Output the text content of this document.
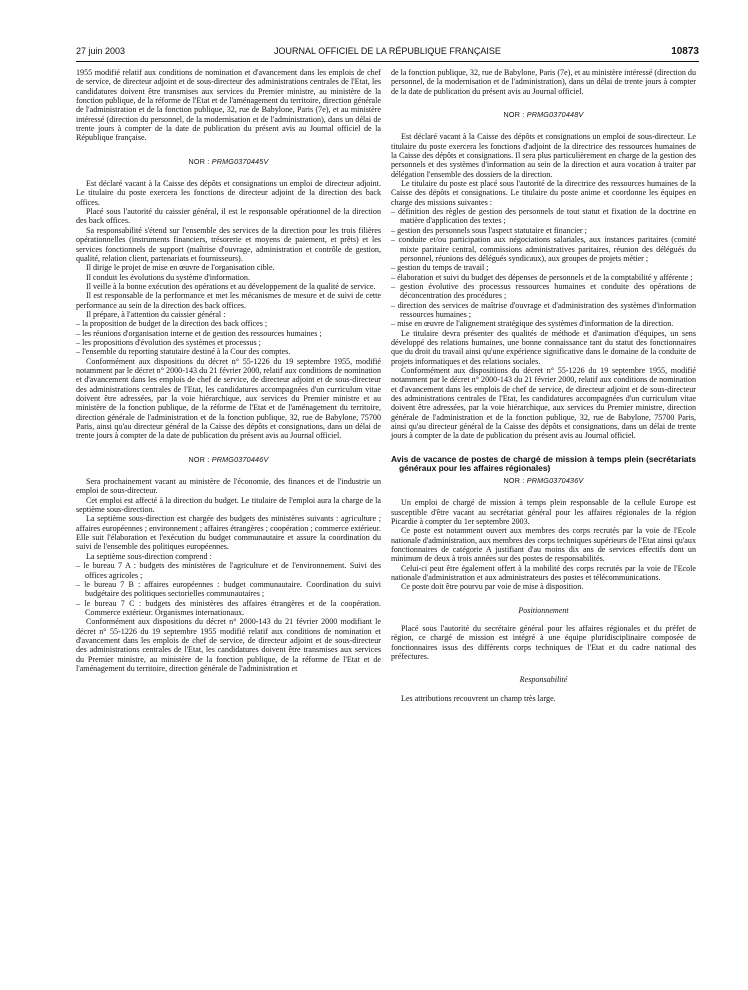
27 juin 2003	JOURNAL OFFICIEL DE LA RÉPUBLIQUE FRANÇAISE	10873

1955 modifié relatif aux conditions de nomination et d'avancement dans les emplois de chef de service, de directeur adjoint et de sous-directeur des administrations centrales de l'Etat, les candidatures doivent être transmises aux services du Premier ministre, au ministère de la fonction publique, de la réforme de l'Etat et de l'aménagement du territoire, direction générale de l'administration et de la fonction publique, 32, rue de Babylone, Paris (7e), et au ministère intéressé (direction du personnel, de la modernisation et de l'administration), dans un délai de trente jours à compter de la date de publication du présent avis au Journal officiel de la République française.

NOR : PRMG0370445V

Est déclaré vacant à la Caisse des dépôts et consignations un emploi de directeur adjoint. Le titulaire du poste exercera les fonctions de directeur adjoint de la direction des back offices.

Placé sous l'autorité du caissier général, il est le responsable opérationnel de la direction des back offices.

Sa responsabilité s'étend sur l'ensemble des services de la direction pour les trois filières opérationnelles (instruments financiers, trésorerie et moyens de paiement, et prêts) et les services fonctionnels de support (maîtrise d'ouvrage, administration et contrôle de gestion, qualité, relation client, partenariats et fournisseurs).

Il dirige le projet de mise en œuvre de l'organisation cible.

Il conduit les évolutions du système d'information.

Il veille à la bonne exécution des opérations et au développement de la qualité de service.

Il est responsable de la performance et met les mécanismes de mesure et de suivi de cette performance au sein de la direction des back offices.

Il prépare, à l'attention du caissier général :

– la proposition de budget de la direction des back offices ;
– les réunions d'organisation interne et de gestion des ressources humaines ;
– les propositions d'évolution des systèmes et processus ;
– l'ensemble du reporting statutaire destiné à la Cour des comptes.

Conformément aux dispositions du décret n° 55-1226 du 19 septembre 1955, modifié notamment par le décret n° 2000-143 du 21 février 2000, relatif aux conditions de nomination et d'avancement dans les emplois de chef de service, de directeur adjoint et de sous-directeur des administrations centrales de l'Etat, les candidatures accompagnées d'un curriculum vitae doivent être adressées, par la voie hiérarchique, aux services du Premier ministre et au ministère de la fonction publique, de la réforme de l'Etat et de l'aménagement du territoire, direction générale de l'administration et de la fonction publique, 32, rue de Babylone, 75700 Paris, ainsi qu'au directeur général de la Caisse des dépôts et consignations, dans un délai de trente jours à compter de la date de publication du présent avis au Journal officiel.

NOR : PRMG0370446V

Sera prochainement vacant au ministère de l'économie, des finances et de l'industrie un emploi de sous-directeur.

Cet emploi est affecté à la direction du budget. Le titulaire de l'emploi aura la charge de la septième sous-direction.

La septième sous-direction est chargée des budgets des ministères suivants : agriculture ; affaires européennes ; environnement ; affaires étrangères ; coopération ; commerce extérieur. Elle suit l'élaboration et l'exécution du budget communautaire et assure la coordination du suivi de l'ensemble des politiques européennes.

La septième sous-direction comprend :

– le bureau 7 A : budgets des ministères de l'agriculture et de l'environnement. Suivi des offices agricoles ;
– le bureau 7 B : affaires européennes : budget communautaire. Coordination du suivi budgétaire des politiques sectorielles communautaires ;
– le bureau 7 C : budgets des ministères des affaires étrangères et de la coopération. Commerce extérieur. Organismes internationaux.

Conformément aux dispositions du décret n° 2000-143 du 21 février 2000 modifiant le décret n° 55-1226 du 19 septembre 1955 modifié relatif aux conditions de nomination et d'avancement dans les emplois de chef de service, de directeur adjoint et de sous-directeur des administrations centrales de l'Etat, les candidatures doivent être transmises aux services du Premier ministre, au ministère de la fonction publique, de la réforme de l'Etat et de l'aménagement du territoire, direction générale de l'administration et

de la fonction publique, 32, rue de Babylone, Paris (7e), et au ministère intéressé (direction du personnel, de la modernisation et de l'administration), dans un délai de trente jours à compter de la date de publication du présent avis au Journal officiel.

NOR : PRMG0370448V

Est déclaré vacant à la Caisse des dépôts et consignations un emploi de sous-directeur. Le titulaire du poste exercera les fonctions d'adjoint de la directrice des ressources humaines de la Caisse des dépôts et consignations. Il sera plus particulièrement en charge de la gestion des personnels et des systèmes d'information au sein de la direction et aura vocation à traiter par délégation l'ensemble des dossiers de la direction.

Le titulaire du poste est placé sous l'autorité de la directrice des ressources humaines de la Caisse des dépôts et consignations. Le titulaire du poste anime et coordonne les équipes en charge des missions suivantes :

– définition des règles de gestion des personnels de tout statut et fixation de la doctrine en matière d'application des textes ;
– gestion des personnels sous l'aspect statutaire et financier ;
– conduite et/ou participation aux négociations salariales, aux instances paritaires (comité mixte paritaire central, commissions administratives paritaires, réunion des délégués du personnel, réunions des délégués syndicaux), aux groupes de projets métier ;
– gestion du temps de travail ;
– élaboration et suivi du budget des dépenses de personnels et de la comptabilité y afférente ;
– gestion évolutive des processus ressources humaines et conduite des opérations de déconcentration des procédures ;
– direction des services de maîtrise d'ouvrage et d'administration des systèmes d'information ressources humaines ;
– mise en œuvre de l'alignement stratégique des systèmes d'information de la direction.

Le titulaire devra présenter des qualités de méthode et d'animation d'équipes, un sens développé des relations humaines, une bonne connaissance tant du statut des fonctionnaires que du droit du travail ainsi qu'une expérience significative dans le domaine de la conduite de projets informatiques et des relations sociales.

Conformément aux dispositions du décret n° 55-1226 du 19 septembre 1955, modifié notamment par le décret n° 2000-143 du 21 février 2000, relatif aux conditions de nomination et d'avancement dans les emplois de chef de service, de directeur adjoint et de sous-directeur des administrations centrales de l'Etat, les candidatures accompagnées d'un curriculum vitae doivent être adressées, par la voie hiérarchique, aux services du Premier ministre, direction générale de l'administration et de la fonction publique, 32, rue de Babylone, 75700 Paris, ainsi qu'au directeur général de la Caisse des dépôts et consignations, dans un délai de trente jours à compter de la date de publication du présent avis au Journal officiel.

Avis de vacance de postes de chargé de mission à temps plein (secrétariats généraux pour les affaires régionales)
NOR : PRMG0370436V

Un emploi de chargé de mission à temps plein responsable de la cellule Europe est susceptible d'être vacant au secrétariat général pour les affaires régionales de la région Picardie à compter du 1er septembre 2003.

Ce poste est notamment ouvert aux membres des corps recrutés par la voie de l'Ecole nationale d'administration, aux membres des corps techniques supérieurs de l'Etat ainsi qu'aux fonctionnaires de catégorie A justifiant d'au moins dix ans de services effectifs dont un minimum de deux à trois années sur des postes de responsabilités.

Celui-ci peut être également offert à la mobilité des corps recrutés par la voie de l'Ecole nationale d'administration et aux administrateurs des postes et télécommunications.

Ce poste doit être pourvu par voie de mise à disposition.

Positionnement

Placé sous l'autorité du secrétaire général pour les affaires régionales et du préfet de région, ce chargé de mission est intégré à une équipe pluridisciplinaire composée de fonctionnaires issus des différents corps techniques de l'Etat et du cadre national des préfectures.

Responsabilité

Les attributions recouvrent un champ très large.
